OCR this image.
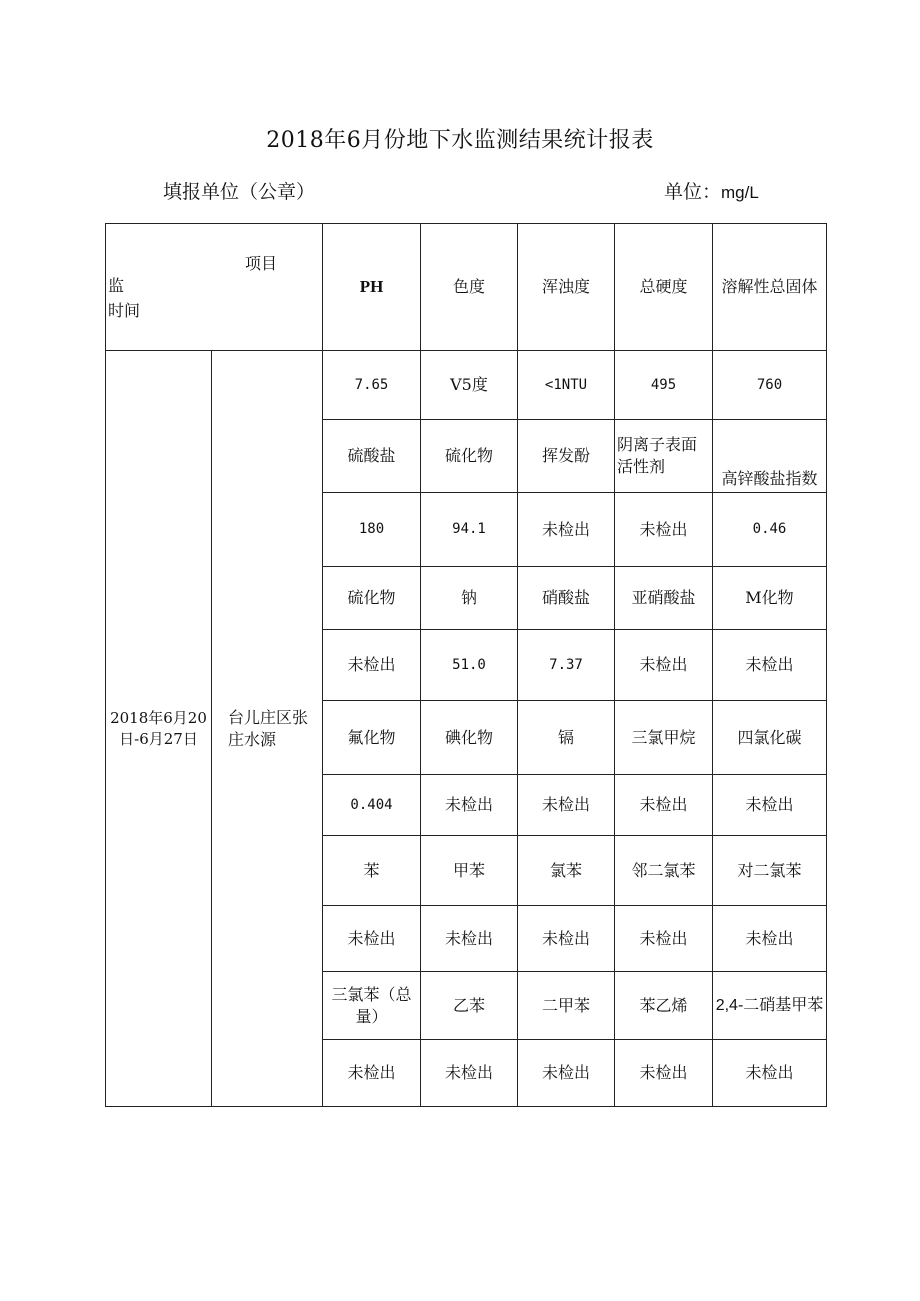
2018年6月份地下水监测结果统计报表
填报单位（公章）	单位：mg/L
项目
监
时间		PH	色度	浑浊度	总硬度	溶解性总固体
2018年6月20日-6月27日	台儿庄区张庄水源	7.65	V5度	<1NTU	495	760
		硫酸盐	硫化物	挥发酚	阴离子表面活性剂	高锌酸盐指数
		180	94.1	未检出	未检出	0.46
		硫化物	钠	硝酸盐	亚硝酸盐	M化物
		未检出	51.0	7.37	未检出	未检出
		氟化物	碘化物	镉	三氯甲烷	四氯化碳
		0.404	未检出	未检出	未检出	未检出
		苯	甲苯	氯苯	邻二氯苯	对二氯苯
		未检出	未检出	未检出	未检出	未检出
		三氯苯（总量）	乙苯	二甲苯	苯乙烯	2,4-二硝基甲苯
		未检出	未检出	未检出	未检出	未检出
